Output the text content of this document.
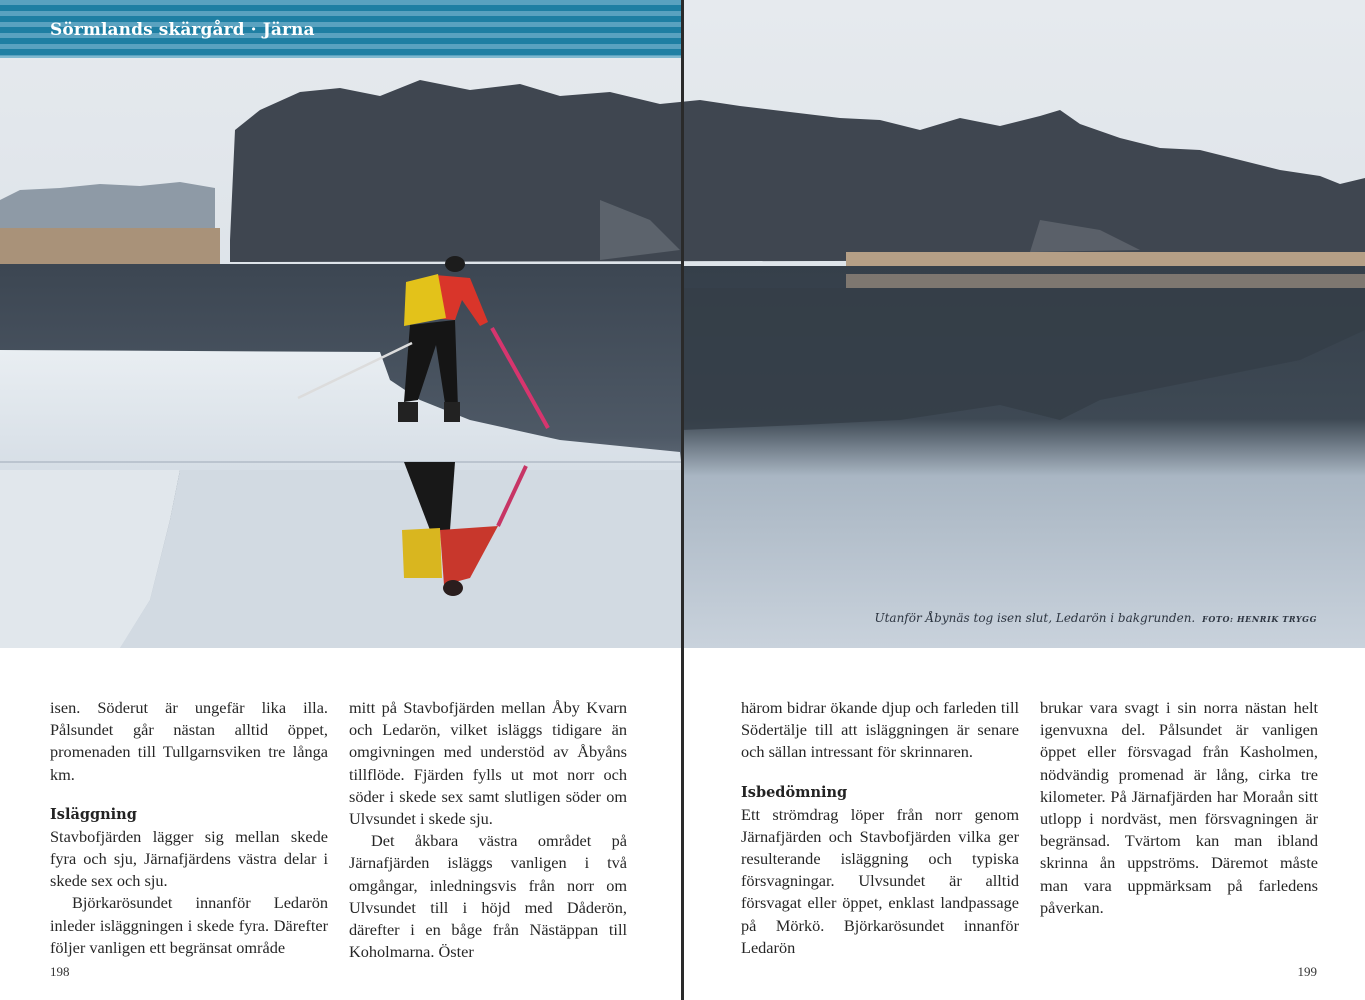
Sörmlands skärgård · Järna
Utanför Åbynäs tog isen slut, Ledarön i bakgrunden. FOTO: HENRIK TRYGG

isen. Söderut är ungefär lika illa. Pålsundet går nästan alltid öppet, promenaden till Tullgarnsviken tre långa km.

Isläggning

Stavbofjärden lägger sig mellan skede fyra och sju, Järnafjärdens västra delar i skede sex och sju.

Björkarösundet innanför Ledarön inleder isläggningen i skede fyra. Därefter följer vanligen ett begränsat område

mitt på Stavbofjärden mellan Åby Kvarn och Ledarön, vilket isläggs tidigare än omgivningen med understöd av Åbyåns tillflöde. Fjärden fylls ut mot norr och söder i skede sex samt slutligen söder om Ulvsundet i skede sju.

Det åkbara västra området på Järnafjärden isläggs vanligen i två omgångar, inledningsvis från norr om Ulvsundet till i höjd med Dåderön, därefter i en båge från Nästäppan till Koholmarna. Öster

härom bidrar ökande djup och farleden till Södertälje till att isläggningen är senare och sällan intressant för skrinnaren.

Isbedömning

Ett strömdrag löper från norr genom Järnafjärden och Stavbofjärden vilka ger resulterande isläggning och typiska försvagningar. Ulvsundet är alltid försvagat eller öppet, enklast landpassage på Mörkö. Björkarösundet innanför Ledarön

brukar vara svagt i sin norra nästan helt igenvuxna del. Pålsundet är vanligen öppet eller försvagad från Kasholmen, nödvändig promenad är lång, cirka tre kilometer. På Järnafjärden har Moraån sitt utlopp i nordväst, men försvagningen är begränsad. Tvärtom kan man ibland skrinna ån uppströms. Däremot måste man vara uppmärksam på farledens påverkan.

198	199
